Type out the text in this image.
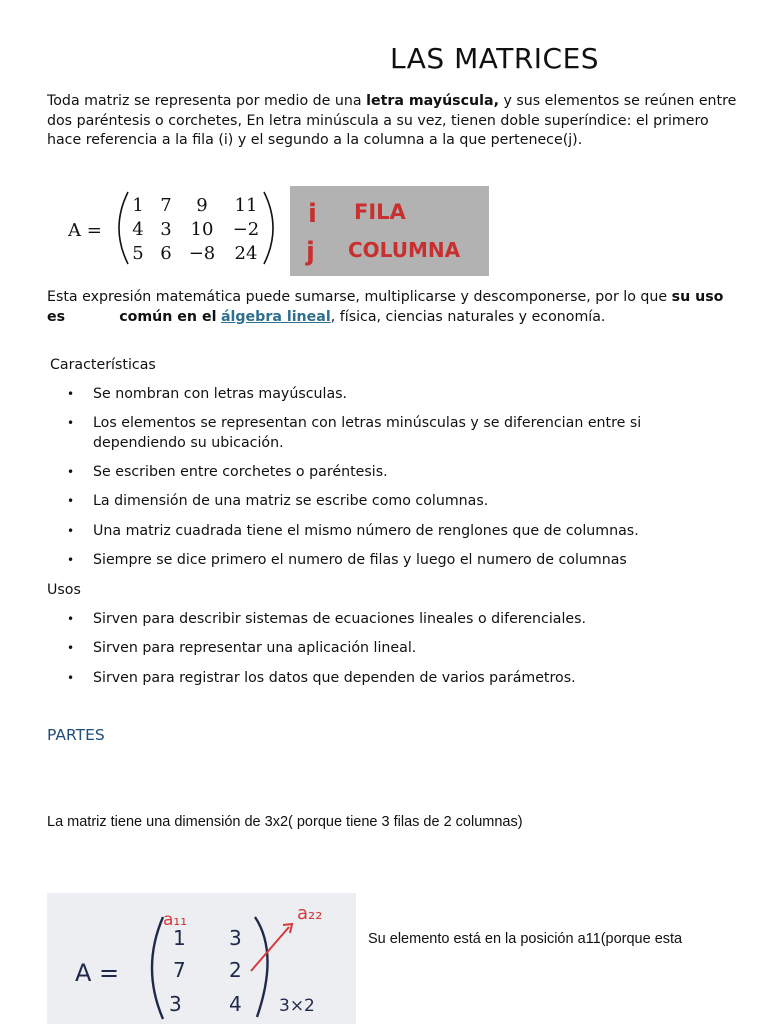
LAS MATRICES

Toda matriz se representa por medio de una letra mayúscula, y sus elementos se reúnen entre dos paréntesis o corchetes, En letra minúscula a su vez, tienen doble superíndice: el primero hace referencia a la fila (i) y el segundo a la columna a la que pertenece(j).

A =
1 7 9 11
4 3 10 −2
5 6 −8 24
i FILA
j COLUMNA

Esta expresión matemática puede sumarse, multiplicarse y descomponerse, por lo que su uso es	común en el álgebra lineal, física, ciencias naturales y economía.

Características

• Se nombran con letras mayúsculas.
• Los elementos se representan con letras minúsculas y se diferencian entre si dependiendo su ubicación.
• Se escriben entre corchetes o paréntesis.
• La dimensión de una matriz se escribe como columnas.
• Una matriz cuadrada tiene el mismo número de renglones que de columnas.
• Siempre se dice primero el numero de filas y luego el numero de columnas

Usos

• Sirven para describir sistemas de ecuaciones lineales o diferenciales.
• Sirven para representar una aplicación lineal.
• Sirven para registrar los datos que dependen de varios parámetros.
PARTES

La matriz tiene una dimensión de 3x2( porque tiene 3 filas de 2 columnas)

A =
1 3
7 2
3 4 3×2
a₁₁	a₂₂

Su elemento está en la posición a11(porque esta
